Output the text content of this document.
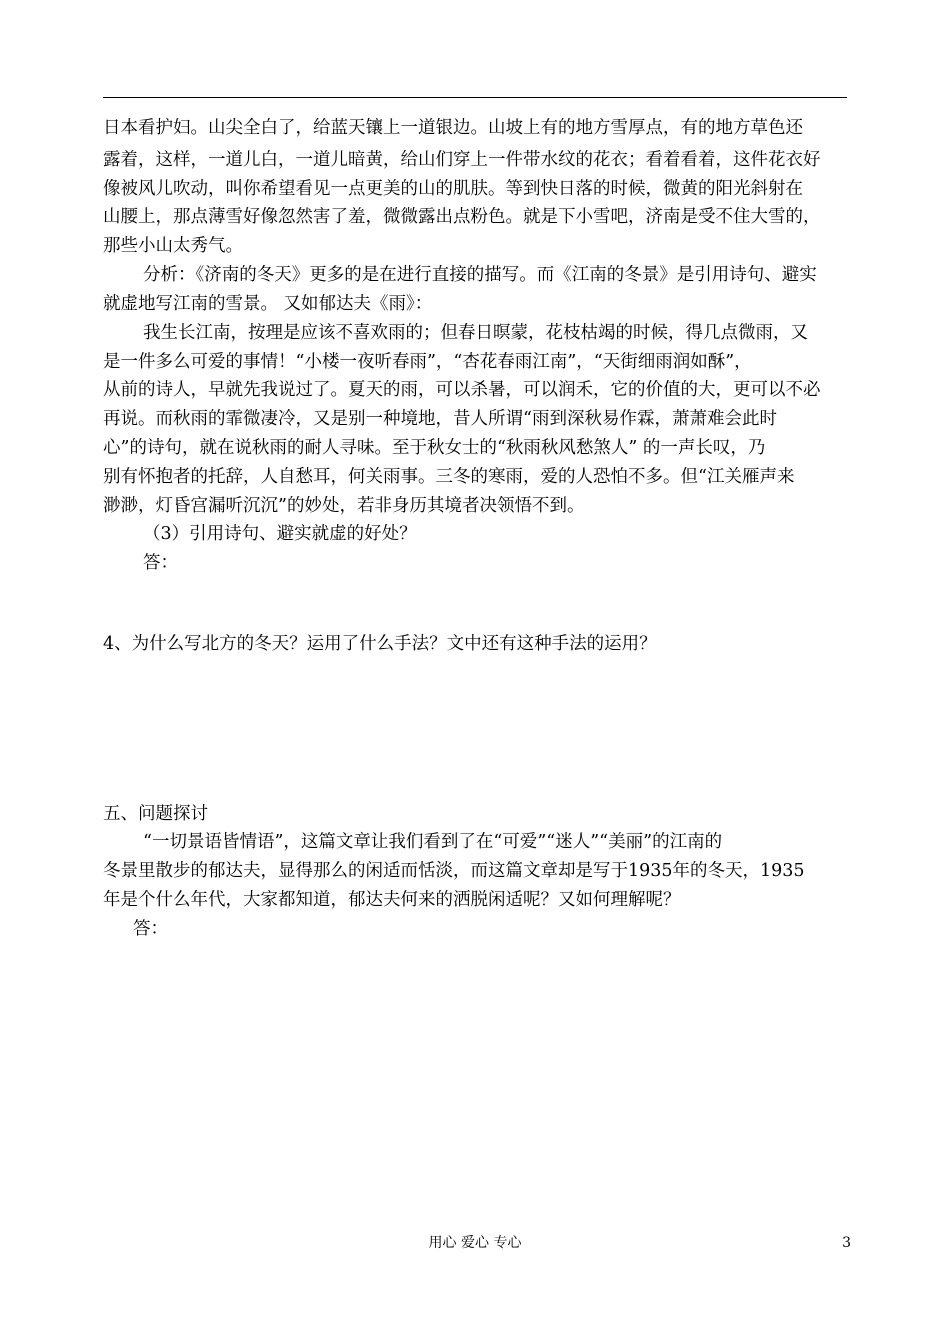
日本看护妇。山尖全白了，给蓝天镶上一道银边。山坡上有的地方雪厚点，有的地方草色还
露着，这样，一道儿白，一道儿暗黄，给山们穿上一件带水纹的花衣；看着看着，这件花衣好
像被风儿吹动，叫你希望看见一点更美的山的肌肤。等到快日落的时候，微黄的阳光斜射在
山腰上，那点薄雪好像忽然害了羞，微微露出点粉色。就是下小雪吧，济南是受不住大雪的，
那些小山太秀气。
分析：《济南的冬天》更多的是在进行直接的描写。而《江南的冬景》是引用诗句、避实
就虚地写江南的雪景。 又如郁达夫《雨》：
我生长江南，按理是应该不喜欢雨的；但春日暝蒙，花枝枯竭的时候，得几点微雨，又
是一件多么可爱的事情！“小楼一夜听春雨”，“杏花春雨江南”，“天街细雨润如酥”，
从前的诗人，早就先我说过了。夏天的雨，可以杀暑，可以润禾，它的价值的大，更可以不必
再说。而秋雨的霏微凄冷，又是别一种境地，昔人所谓“雨到深秋易作霖，萧萧难会此时
心”的诗句，就在说秋雨的耐人寻味。至于秋女士的“秋雨秋风愁煞人” 的一声长叹，乃
别有怀抱者的托辞，人自愁耳，何关雨事。三冬的寒雨，爱的人恐怕不多。但“江关雁声来
渺渺，灯昏宫漏听沉沉”的妙处，若非身历其境者决领悟不到。
（3）引用诗句、避实就虚的好处？
答：
4、为什么写北方的冬天？运用了什么手法？文中还有这种手法的运用？
五、问题探讨
“一切景语皆情语”，这篇文章让我们看到了在“可爱”“迷人”“美丽”的江南的
冬景里散步的郁达夫，显得那么的闲适而恬淡，而这篇文章却是写于1935年的冬天，1935
年是个什么年代，大家都知道，郁达夫何来的洒脱闲适呢？又如何理解呢？
答：
用心 爱心 专心	3
